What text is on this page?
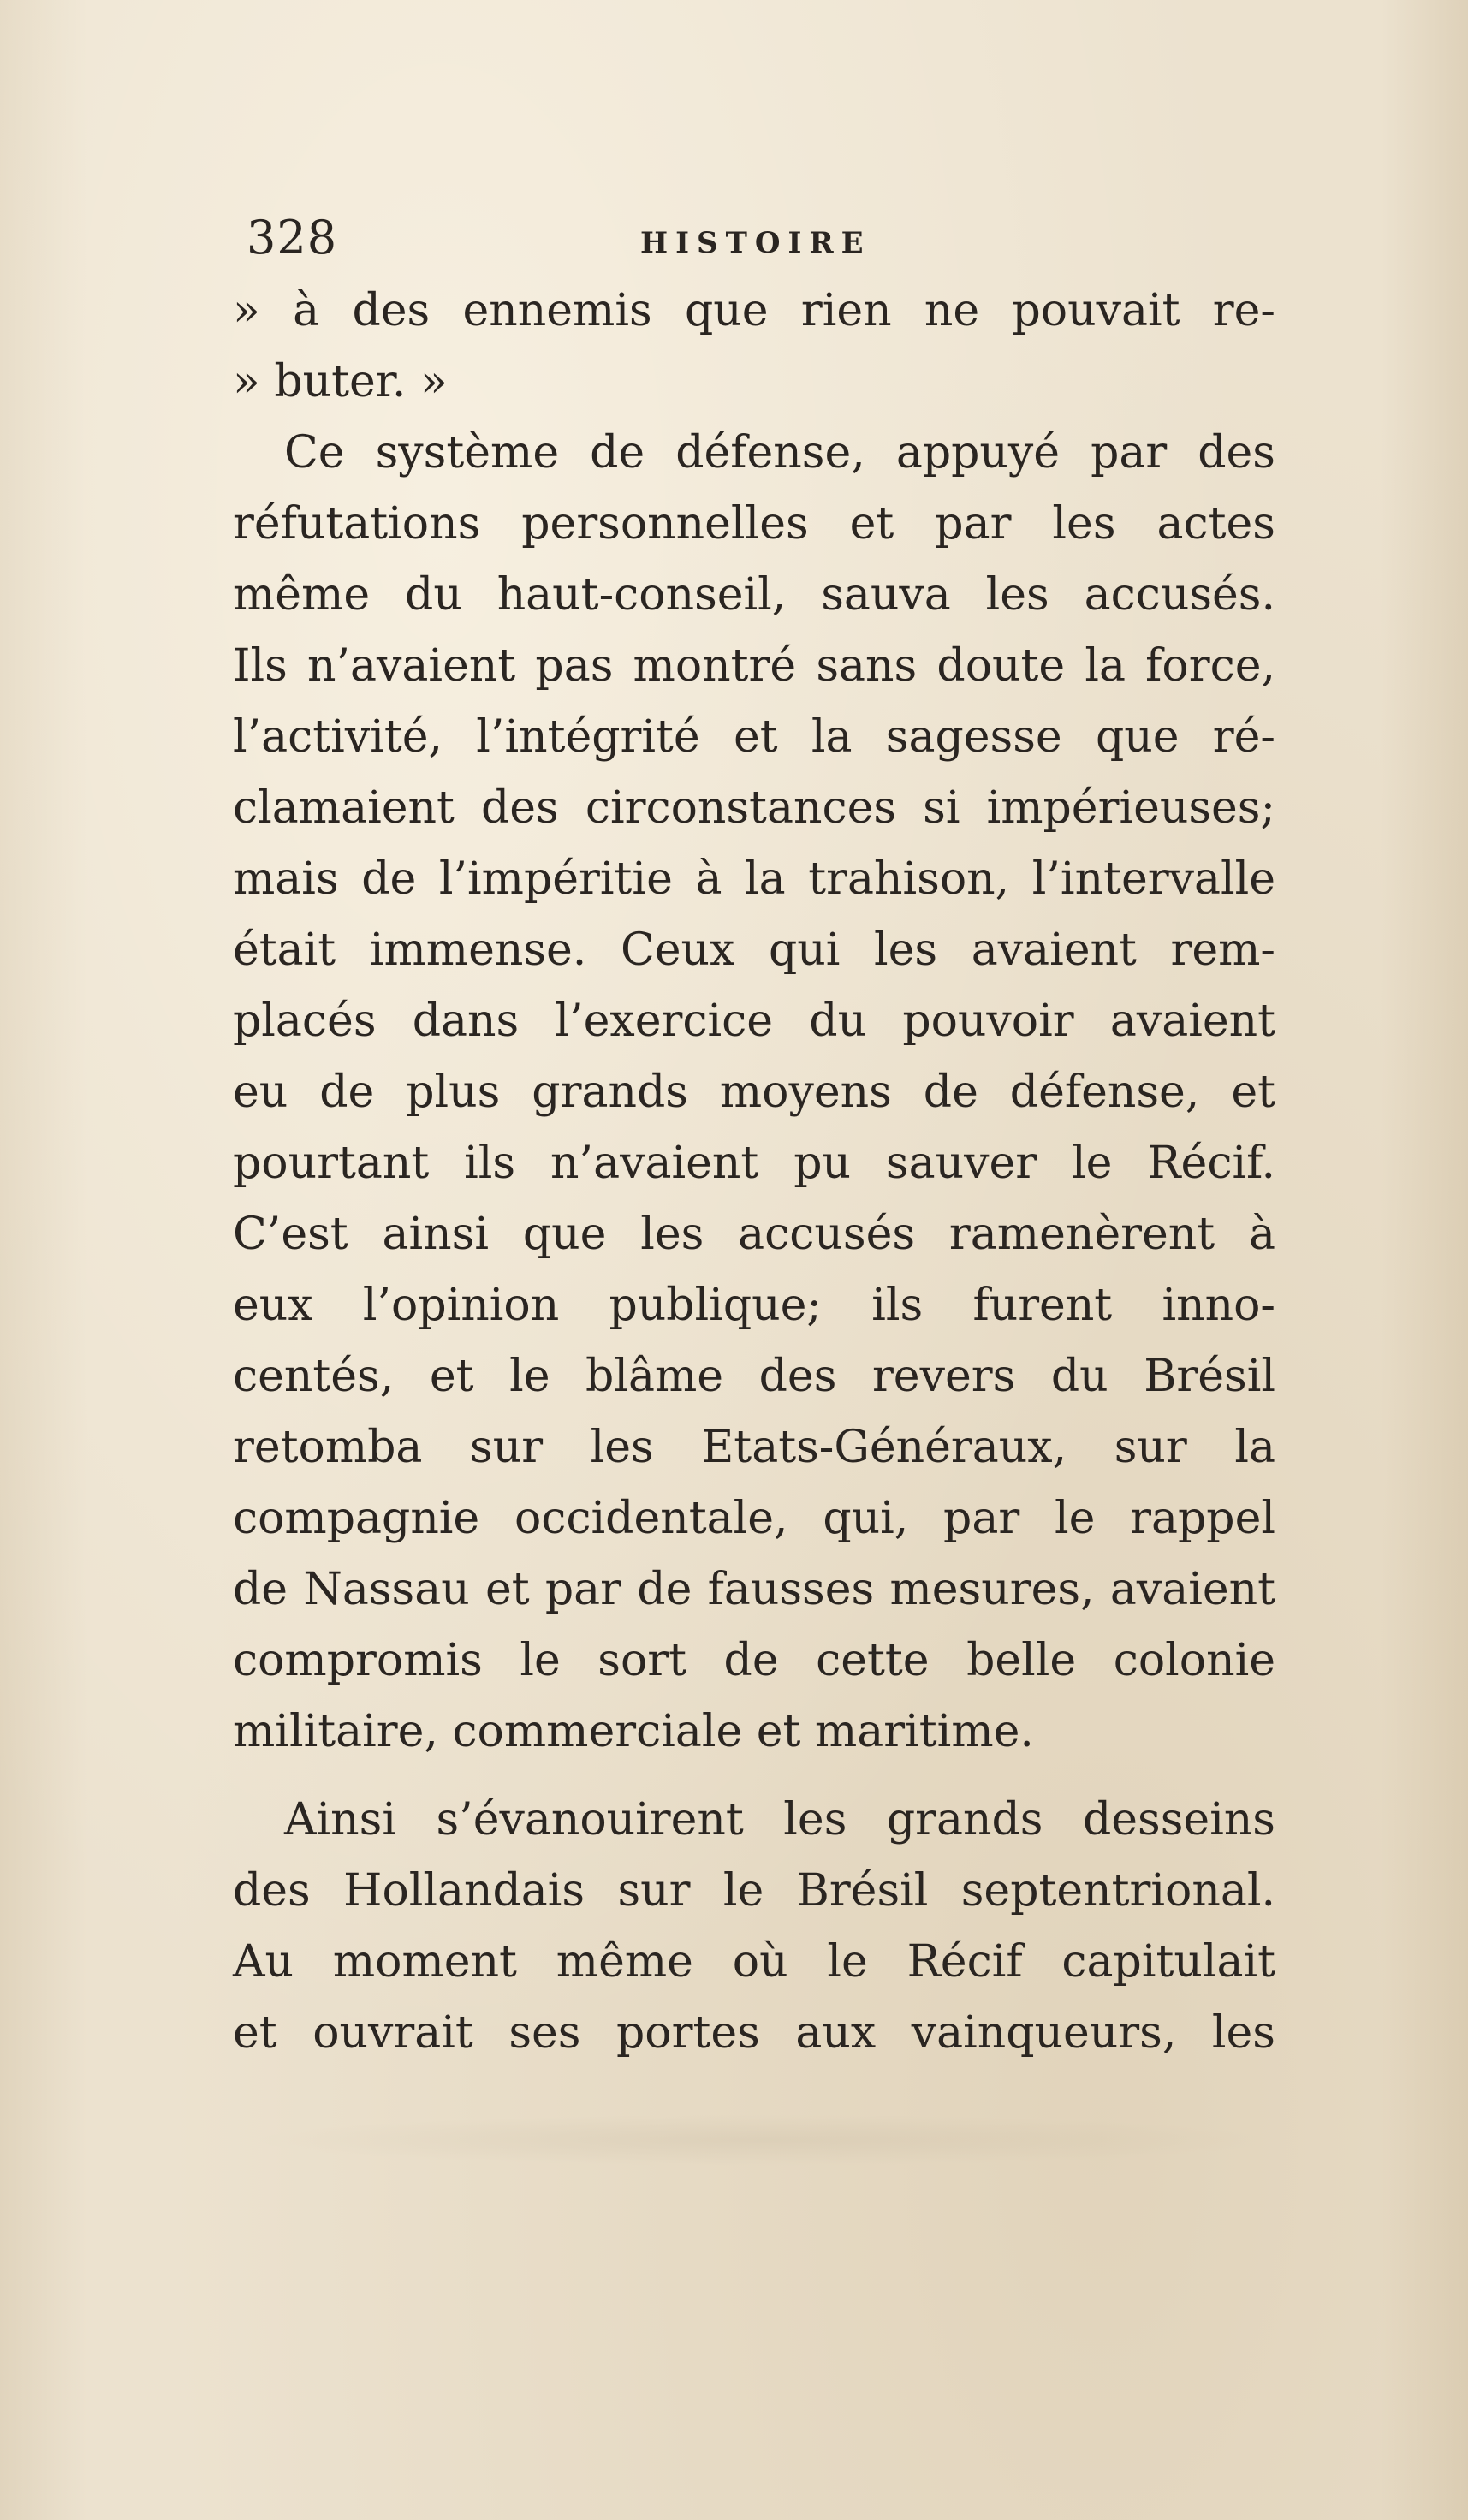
328	HISTOIRE
» à des ennemis que rien ne pouvait re-
» buter. »
Ce système de défense, appuyé par des
réfutations personnelles et par les actes
même du haut-conseil, sauva les accusés.
Ils n’avaient pas montré sans doute la force,
l’activité, l’intégrité et la sagesse que ré-
clamaient des circonstances si impérieuses;
mais de l’impéritie à la trahison, l’intervalle
était immense. Ceux qui les avaient rem-
placés dans l’exercice du pouvoir avaient
eu de plus grands moyens de défense, et
pourtant ils n’avaient pu sauver le Récif.
C’est ainsi que les accusés ramenèrent à
eux l’opinion publique; ils furent inno-
centés, et le blâme des revers du Brésil
retomba sur les Etats-Généraux, sur la
compagnie occidentale, qui, par le rappel
de Nassau et par de fausses mesures, avaient
compromis le sort de cette belle colonie
militaire, commerciale et maritime.
Ainsi s’évanouirent les grands desseins
des Hollandais sur le Brésil septentrional.
Au moment même où le Récif capitulait
et ouvrait ses portes aux vainqueurs, les
